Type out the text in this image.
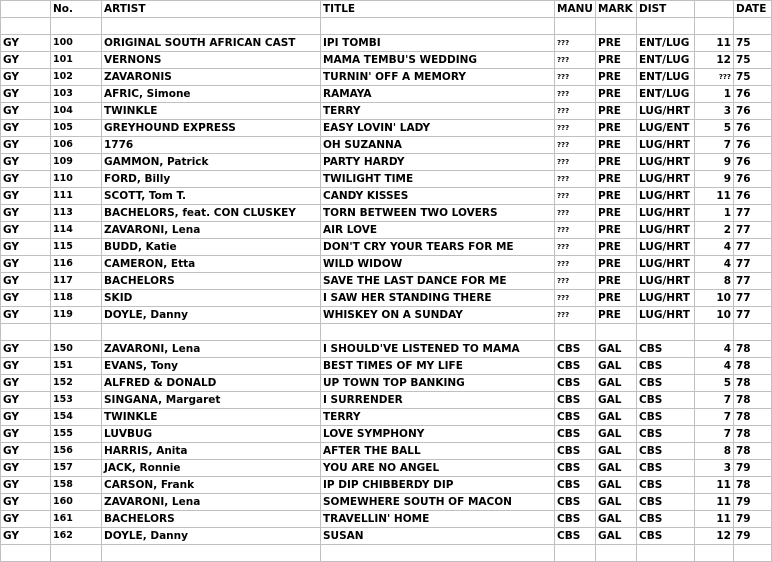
	No.	ARTIST	TITLE	MANU	MARK	DIST		DATE

GY	100	ORIGINAL SOUTH AFRICAN CAST	IPI TOMBI	???	PRE	ENT/LUG	11	75
GY	101	VERNONS	MAMA TEMBU'S WEDDING	???	PRE	ENT/LUG	12	75
GY	102	ZAVARONIS	TURNIN' OFF A MEMORY	???	PRE	ENT/LUG	???	75
GY	103	AFRIC, Simone	RAMAYA	???	PRE	ENT/LUG	1	76
GY	104	TWINKLE	TERRY	???	PRE	LUG/HRT	3	76
GY	105	GREYHOUND EXPRESS	EASY LOVIN' LADY	???	PRE	LUG/ENT	5	76
GY	106	1776	OH SUZANNA	???	PRE	LUG/HRT	7	76
GY	109	GAMMON, Patrick	PARTY HARDY	???	PRE	LUG/HRT	9	76
GY	110	FORD, Billy	TWILIGHT TIME	???	PRE	LUG/HRT	9	76
GY	111	SCOTT, Tom T.	CANDY KISSES	???	PRE	LUG/HRT	11	76
GY	113	BACHELORS, feat. CON CLUSKEY	TORN BETWEEN TWO LOVERS	???	PRE	LUG/HRT	1	77
GY	114	ZAVARONI, Lena	AIR LOVE	???	PRE	LUG/HRT	2	77
GY	115	BUDD, Katie	DON'T CRY YOUR TEARS FOR ME	???	PRE	LUG/HRT	4	77
GY	116	CAMERON, Etta	WILD WIDOW	???	PRE	LUG/HRT	4	77
GY	117	BACHELORS	SAVE THE LAST DANCE FOR ME	???	PRE	LUG/HRT	8	77
GY	118	SKID	I SAW HER STANDING THERE	???	PRE	LUG/HRT	10	77
GY	119	DOYLE, Danny	WHISKEY ON A SUNDAY	???	PRE	LUG/HRT	10	77

GY	150	ZAVARONI, Lena	I SHOULD'VE LISTENED TO MAMA	CBS	GAL	CBS	4	78
GY	151	EVANS, Tony	BEST TIMES OF MY LIFE	CBS	GAL	CBS	4	78
GY	152	ALFRED & DONALD	UP TOWN TOP BANKING	CBS	GAL	CBS	5	78
GY	153	SINGANA, Margaret	I SURRENDER	CBS	GAL	CBS	7	78
GY	154	TWINKLE	TERRY	CBS	GAL	CBS	7	78
GY	155	LUVBUG	LOVE SYMPHONY	CBS	GAL	CBS	7	78
GY	156	HARRIS, Anita	AFTER THE BALL	CBS	GAL	CBS	8	78
GY	157	JACK, Ronnie	YOU ARE NO ANGEL	CBS	GAL	CBS	3	79
GY	158	CARSON, Frank	IP DIP CHIBBERDY DIP	CBS	GAL	CBS	11	78
GY	160	ZAVARONI, Lena	SOMEWHERE SOUTH OF MACON	CBS	GAL	CBS	11	79
GY	161	BACHELORS	TRAVELLIN' HOME	CBS	GAL	CBS	11	79
GY	162	DOYLE, Danny	SUSAN	CBS	GAL	CBS	12	79
